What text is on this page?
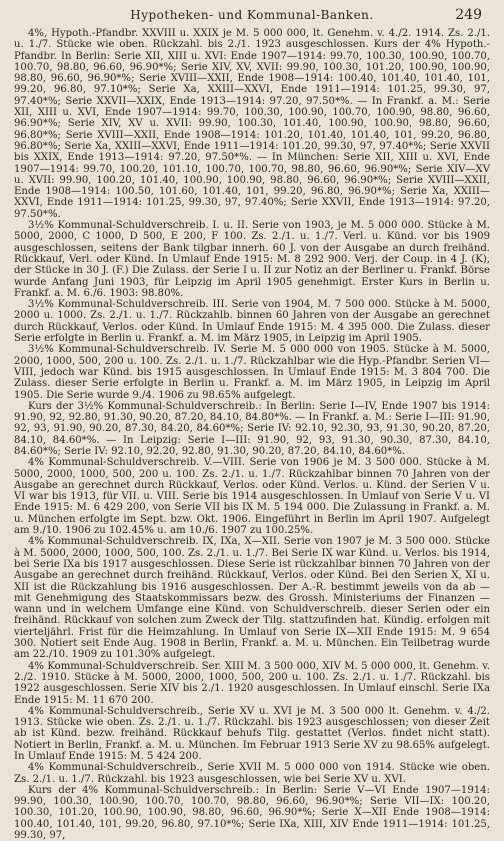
Hypotheken- und Kommunal-Banken.	249

4%, Hypoth.-Pfandbr. XXVIII u. XXIX je M. 5 000 000, lt. Genehm. v. 4./2. 1914. Zs. 2./1. u. 1./7. Stücke wie oben. Rückzahl. bis 2./1. 1923 ausgeschlossen. Kurs der 4% Hypoth.-Pfandbr. In Berlin: Serie XII, XIII u. XVI: Ende 1907—1914: 99.70, 100.30, 100.90, 100.70, 100.70, 98.80, 96.60, 96.90*%; Serie XIV, XV, XVII: 99.90, 100.30, 101.20, 100.90, 100.90, 98.80, 96.60, 96.90*%; Serie XVIII—XXII, Ende 1908—1914: 100.40, 101.40, 101.40, 101, 99.20, 96.80, 97.10*%; Serie Xa, XXIII—XXVI, Ende 1911—1914: 101.25, 99.30, 97, 97.40*%; Serie XXVII—XXIX, Ende 1913—1914: 97.20, 97.50*%. — In Frankf. a. M.: Serie XII, XIII u. XVI, Ende 1907—1914: 99.70, 100.30, 100.90, 100.70, 100.90, 98.80, 96.60, 96.90*%; Serie XIV, XV u. XVII: 99.90, 100.30, 101.40, 100.90, 100.90, 98.80, 96.60, 96.80*%; Serie XVIII—XXII, Ende 1908—1914: 101.20, 101.40, 101.40, 101, 99.20, 96.80, 96.80*%; Serie Xa, XXIII—XXVI, Ende 1911—1914: 101.20, 99.30, 97, 97.40*%; Serie XXVII bis XXIX, Ende 1913—1914: 97.20, 97.50*%. — In München: Serie XII, XIII u. XVI, Ende 1907—1914: 99.70, 100.20, 101.10, 100.70, 100.70, 98.80, 96.60, 96.90*%; Serie XIV—XV u. XVII: 99.90, 100.20, 101.40, 100.90, 100.90, 98.80, 96.60, 96.90*%; Serie XVIII—XXII, Ende 1908—1914: 100.50, 101.60, 101.40, 101, 99.20, 96.80, 96.90*%; Serie Xa, XXIII—XXVI, Ende 1911—1914: 101.25, 99.30, 97, 97.40%; Serie XXVII, Ende 1913—1914: 97.20, 97.50*%.

3½% Kommunal-Schuldverschreib. I. u. II. Serie von 1903, je M. 5 000 000. Stücke à M. 5000, 2000, C 1000, D 500, E 200, F 100. Zs. 2./1. u. 1./7. Verl. u. Künd. vor bis 1909 ausgeschlossen, seitens der Bank tilgbar innerh. 60 J. von der Ausgabe an durch freihänd. Rückkauf, Verl. oder Künd. In Umlauf Ende 1915: M. 8 292 900. Verj. der Coup. in 4 J. (K), der Stücke in 30 J. (F.) Die Zulass. der Serie I u. II zur Notiz an der Berliner u. Frankf. Börse wurde Anfang Juni 1903, für Leipzig im April 1905 genehmigt. Erster Kurs in Berlin u. Frankf. a. M. 6./6. 1903: 98.80%.

3½% Kommunal-Schuldverschreib. III. Serie von 1904, M. 7 500 000. Stücke à M. 5000, 2000 u. 1000. Zs. 2./1. u. 1./7. Rückzahlb. binnen 60 Jahren von der Ausgabe an gerechnet durch Rückkauf, Verlos. oder Künd. In Umlauf Ende 1915: M. 4 395 000. Die Zulass. dieser Serie erfolgte in Berlin u. Frankf. a. M. im März 1905, in Leipzig im April 1905.

3½% Kommunal-Schuldverschreib. IV. Serie M. 5 000 000 von 1905. Stücke à M. 5000, 2000, 1000, 500, 200 u. 100. Zs. 2./1. u. 1./7. Rückzahlbar wie die Hyp.-Pfandbr. Serien VI—VIII, jedoch war Künd. bis 1915 ausgeschlossen. In Umlauf Ende 1915: M. 3 804 700. Die Zulass. dieser Serie erfolgte in Berlin u. Frankf. a. M. im März 1905, in Leipzig im April 1905. Die Serie wurde 9./4. 1906 zu 98.65% aufgelegt.

Kurs der 3½% Kommunal-Schuldverschreib.: In Berlin: Serie I—IV, Ende 1907 bis 1914: 91.90, 92, 92.80, 91.30, 90.20, 87.20, 84.10, 84.80*%. — In Frankf. a. M.: Serie I—III: 91.90, 92, 93, 91.90, 90.20, 87.30, 84.20, 84.60*%; Serie IV: 92.10, 92.30, 93, 91.30, 90.20, 87.20, 84.10, 84.60*%. — In Leipzig: Serie I—III: 91.90, 92, 93, 91.30, 90.30, 87.30, 84.10, 84.60*%; Serie IV: 92.10, 92.20, 92.80, 91.30, 90.20, 87.20, 84.10, 84.60*%.

4% Kommunal-Schuldverschreib. V.—VIII. Serie von 1906 je M. 3 500 000. Stücke à M. 5000, 2000, 1000, 500, 200 u. 100. Zs. 2./1. u. 1./7. Rückzahlbar binnen 70 Jahren von der Ausgabe an gerechnet durch Rückkauf, Verlos. oder Künd. Verlos. u. Künd. der Serien V u. VI war bis 1913, für VII. u. VIII. Serie bis 1914 ausgeschlossen. In Umlauf von Serie V u. VI Ende 1915: M. 6 429 200, von Serie VII bis IX M. 5 194 000. Die Zulassung in Frankf. a. M. u. München erfolgte im Sept. bzw. Okt. 1906. Eingeführt in Berlin im April 1907. Aufgelegt am 9./10. 1906 zu 102.45% u. am 10./6. 1907 zu 100.25%.

4% Kommunal-Schuldverschreib. IX, IXa, X—XII. Serie von 1907 je M. 3 500 000. Stücke à M. 5000, 2000, 1000, 500, 100. Zs. 2./1. u. 1./7. Bei Serie IX war Künd. u. Verlos. bis 1914, bei Serie IXa bis 1917 ausgeschlossen. Diese Serie ist rückzahlbar binnen 70 Jahren von der Ausgabe an gerechnet durch freihänd. Rückkauf, Verlos. oder Künd. Bei den Serien X, XI u. XII ist die Rückzahlung bis 1916 ausgeschlossen. Der A.-R. bestimmt jeweils von da ab — mit Genehmigung des Staatskommissars bezw. des Grossh. Ministeriums der Finanzen — wann und in welchem Umfange eine Künd. von Schuldverschreib. dieser Serien oder ein freihänd. Rückkauf von solchen zum Zweck der Tilg. stattzufinden hat. Kündig. erfolgen mit vierteljährl. Frist für die Heimzahlung. In Umlauf von Serie IX—XII Ende 1915: M. 9 654 300. Notiert seit Ende Aug. 1908 in Berlin, Frankf. a. M. u. München. Ein Teilbetrag wurde am 22./10. 1909 zu 101.30% aufgelegt.

4% Kommunal-Schuldverschreib. Ser. XIII M. 3 500 000, XIV M. 5 000 000, lt. Genehm. v. 2./2. 1910. Stücke à M. 5000, 2000, 1000, 500, 200 u. 100. Zs. 2./1. u. 1./7. Rückzahl. bis 1922 ausgeschlossen. Serie XIV bis 2./1. 1920 ausgeschlossen. In Umlauf einschl. Serie IXa Ende 1915: M. 11 670 200.

4% Kommunal-Schuldverschreib., Serie XV u. XVI je M. 3 500 000 lt. Genehm. v. 4./2. 1913. Stücke wie oben. Zs. 2./1. u. 1./7. Rückzahl. bis 1923 ausgeschlossen; von dieser Zeit ab ist Künd. bezw. freihänd. Rückkauf behufs Tilg. gestattet (Verlos. findet nicht statt). Notiert in Berlin, Frankf. a. M. u. München. Im Februar 1913 Serie XV zu 98.65% aufgelegt. In Umlauf Ende 1915: M. 5 424 200.

4% Kommunal-Schuldverschreib., Serie XVII M. 5 000 000 von 1914. Stücke wie oben. Zs. 2./1. u. 1./7. Rückzahl. bis 1923 ausgeschlossen, wie bei Serie XV u. XVI.

Kurs der 4% Kommunal-Schuldverschreib.: In Berlin: Serie V—VI Ende 1907—1914: 99.90, 100.30, 100.90, 100.70, 100.70, 98.80, 96.60, 96.90*%; Serie VII—IX: 100.20, 100.30, 101.20, 100.90, 100.90, 98.80, 96.60, 96.90*%; Serie X—XII Ende 1908—1914: 100.40, 101.40, 101, 99.20, 96.80, 97.10*%; Serie IXa, XIII, XIV Ende 1911—1914: 101.25, 99.30, 97,
